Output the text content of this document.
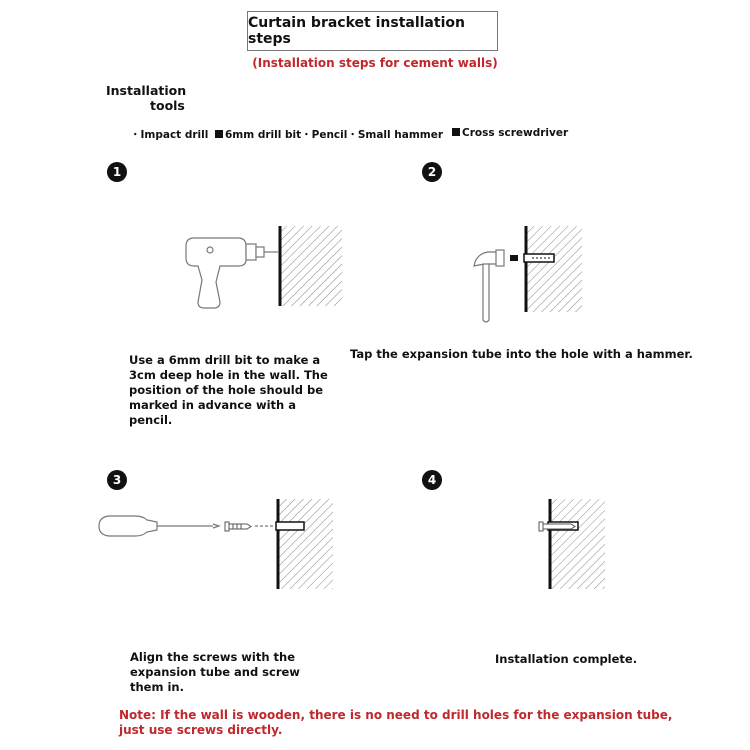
Curtain bracket installation steps
(Installation steps for cement walls)
Installation
tools
・Impact drill	6mm drill bit・Pencil・Small hammer	Cross screwdriver
1
Use a 6mm drill bit to make a 3cm deep hole in the wall. The position of the hole should be marked in advance with a pencil.
2
Tap the expansion tube into the hole with a hammer.
3
Align the screws with the expansion tube and screw them in.
4
Installation complete.
Note: If the wall is wooden, there is no need to drill holes for the expansion tube, just use screws directly.
